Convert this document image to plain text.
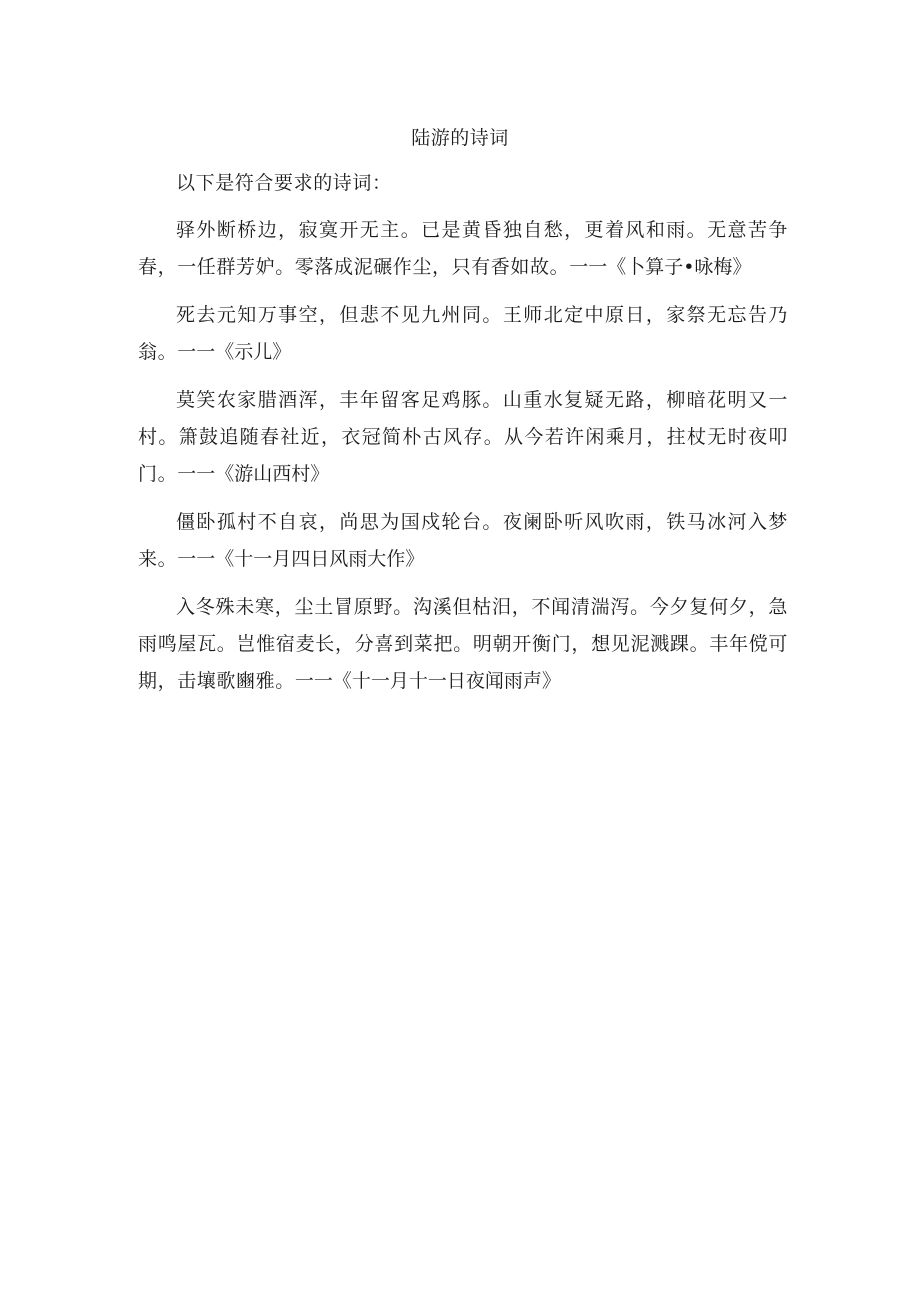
陆游的诗词

以下是符合要求的诗词：

驿外断桥边，寂寞开无主。已是黄昏独自愁，更着风和雨。无意苦争春，一任群芳妒。零落成泥碾作尘，只有香如故。一一《卜算子•咏梅》

死去元知万事空，但悲不见九州同。王师北定中原日，家祭无忘告乃翁。一一《示儿》

莫笑农家腊酒浑，丰年留客足鸡豚。山重水复疑无路，柳暗花明又一村。箫鼓追随春社近，衣冠简朴古风存。从今若许闲乘月，拄杖无时夜叩门。一一《游山西村》

僵卧孤村不自哀，尚思为国戍轮台。夜阑卧听风吹雨，铁马冰河入梦来。一一《十一月四日风雨大作》

入冬殊未寒，尘土冒原野。沟溪但枯汨，不闻清湍泻。今夕复何夕，急雨鸣屋瓦。岂惟宿麦长，分喜到菜把。明朝开衡门，想见泥溅踝。丰年傥可期，击壤歌豳雅。一一《十一月十一日夜闻雨声》
